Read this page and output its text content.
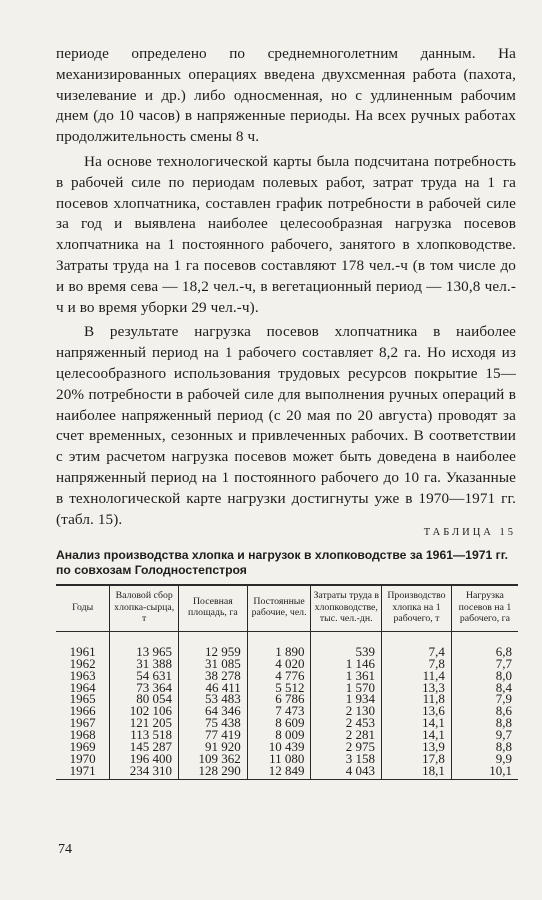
периоде определено по среднемноголетним данным. На механизированных операциях введена двухсменная работа (пахота, чизелевание и др.) либо односменная, но с удлиненным рабочим днем (до 10 часов) в напряженные периоды. На всех ручных работах продолжительность смены 8 ч.

На основе технологической карты была подсчитана потребность в рабочей силе по периодам полевых работ, затрат труда на 1 га посевов хлопчатника, составлен график потребности в рабочей силе за год и выявлена наиболее целесообразная нагрузка посевов хлопчатника на 1 постоянного рабочего, занятого в хлопководстве. Затраты труда на 1 га посевов составляют 178 чел.-ч (в том числе до и во время сева — 18,2 чел.-ч, в вегетационный период — 130,8 чел.-ч и во время уборки 29 чел.-ч).

В результате нагрузка посевов хлопчатника в наиболее напряженный период на 1 рабочего составляет 8,2 га. Но исходя из целесообразного использования трудовых ресурсов покрытие 15—20% потребности в рабочей силе для выполнения ручных операций в наиболее напряженный период (с 20 мая по 20 августа) проводят за счет временных, сезонных и привлеченных рабочих. В соответствии с этим расчетом нагрузка посевов может быть доведена в наиболее напряженный период на 1 постоянного рабочего до 10 га. Указанные в технологической карте нагрузки достигнуты уже в 1970—1971 гг. (табл. 15).

ТАБЛИЦА 15
Анализ производства хлопка и нагрузок в хлопководстве за 1961—1971 гг. по совхозам Голодностепстроя
Годы	Валовой сбор хлопка-сырца, т	Посевная площадь, га	Постоянные рабочие, чел.	Затраты труда в хлопководстве, тыс. чел.-дн.	Производство хлопка на 1 рабочего, т	Нагрузка посевов на 1 рабочего, га
1961	13 965	12 959	1 890	539	7,4	6,8
1962	31 388	31 085	4 020	1 146	7,8	7,7
1963	54 631	38 278	4 776	1 361	11,4	8,0
1964	73 364	46 411	5 512	1 570	13,3	8,4
1965	80 054	53 483	6 786	1 934	11,8	7,9
1966	102 106	64 346	7 473	2 130	13,6	8,6
1967	121 205	75 438	8 609	2 453	14,1	8,8
1968	113 518	77 419	8 009	2 281	14,1	9,7
1969	145 287	91 920	10 439	2 975	13,9	8,8
1970	196 400	109 362	11 080	3 158	17,8	9,9
1971	234 310	128 290	12 849	4 043	18,1	10,1
74
